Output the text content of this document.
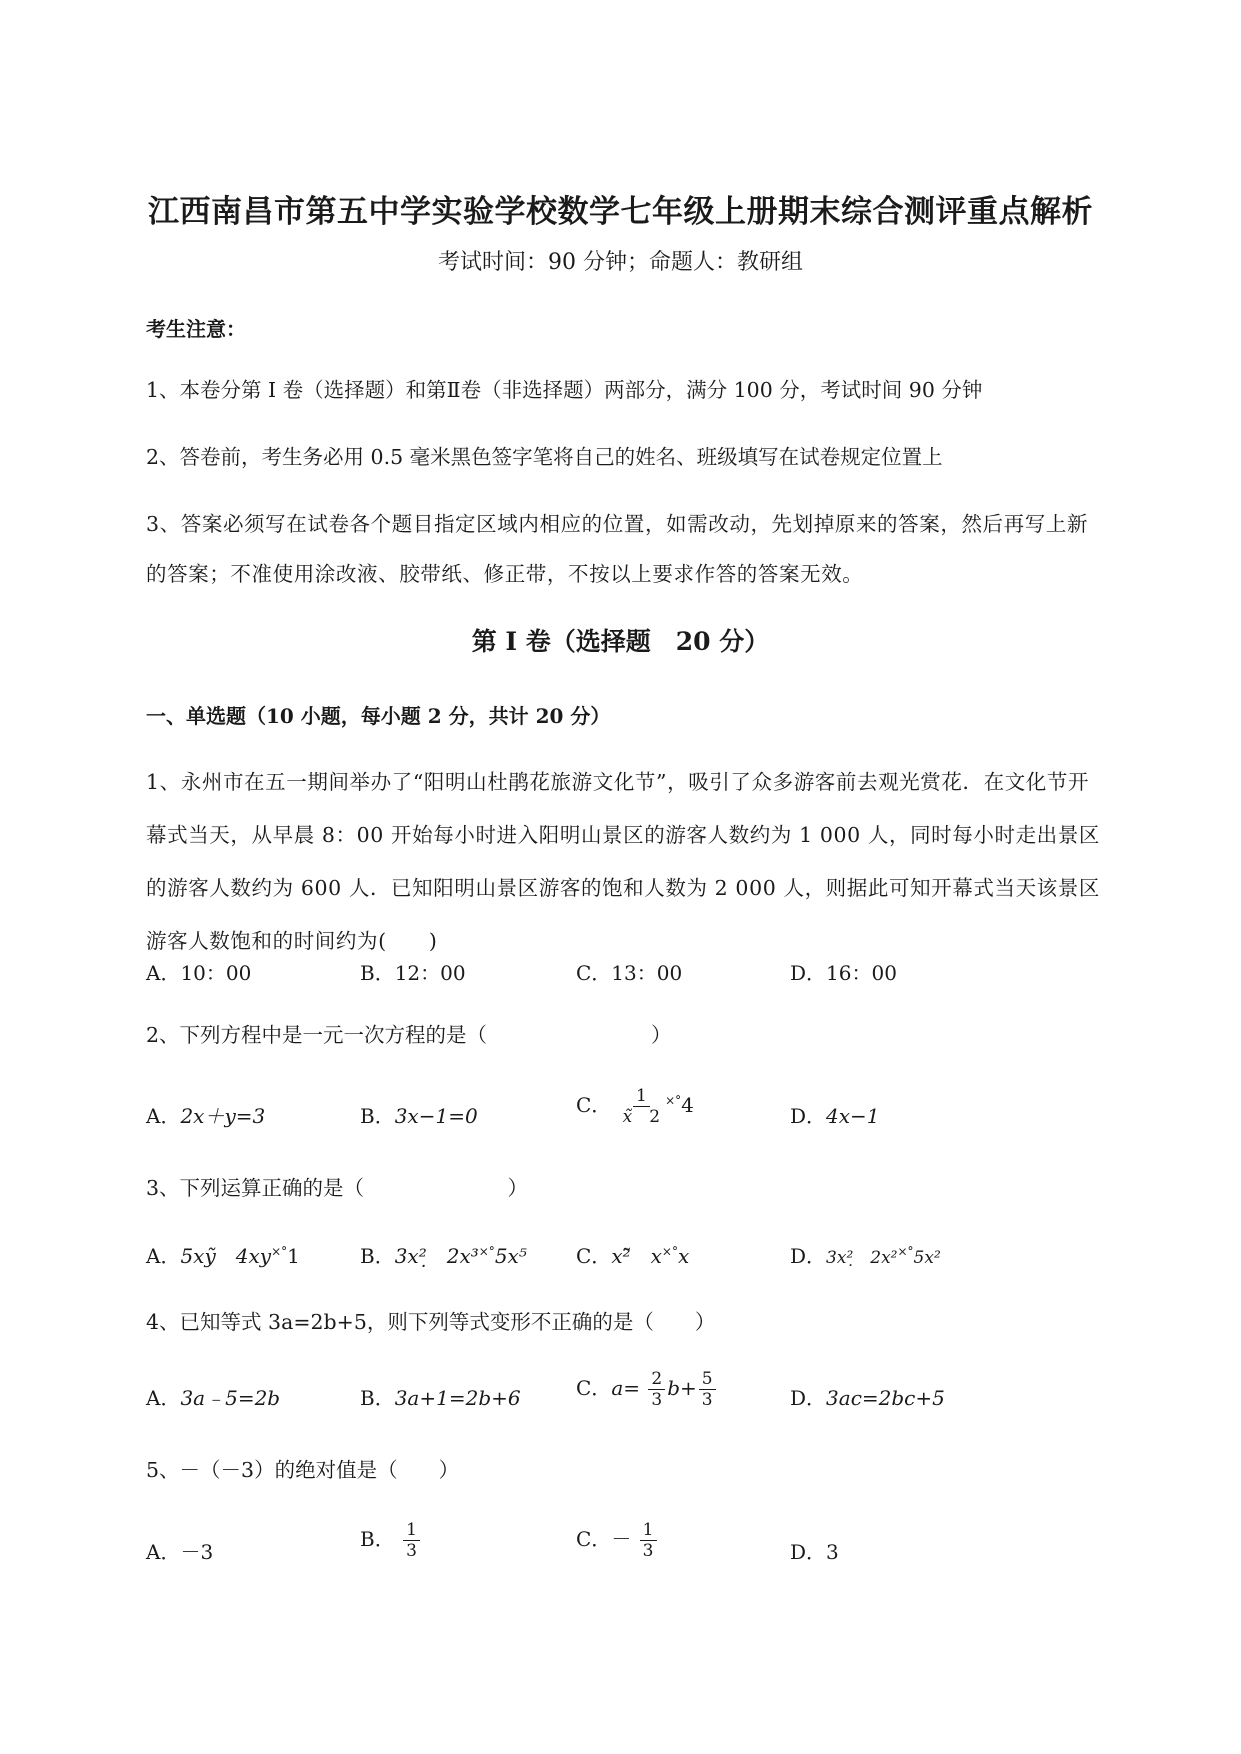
江西南昌市第五中学实验学校数学七年级上册期末综合测评重点解析
考试时间：90 分钟；命题人：教研组
考生注意：
1、本卷分第 I 卷（选择题）和第Ⅱ卷（非选择题）两部分，满分 100 分，考试时间 90 分钟
2、答卷前，考生务必用 0.5 毫米黑色签字笔将自己的姓名、班级填写在试卷规定位置上
3、答案必须写在试卷各个题目指定区域内相应的位置，如需改动，先划掉原来的答案，然后再写上新的答案；不准使用涂改液、胶带纸、修正带，不按以上要求作答的答案无效。
第 I 卷（选择题　20 分）
一、单选题（10 小题，每小题 2 分，共计 20 分）
1、永州市在五一期间举办了“阳明山杜鹃花旅游文化节”，吸引了众多游客前去观光赏花．在文化节开幕式当天，从早晨 8：00 开始每小时进入阳明山景区的游客人数约为 1 000 人，同时每小时走出景区的游客人数约为 600 人．已知阳明山景区游客的饱和人数为 2 000 人，则据此可知开幕式当天该景区游客人数饱和的时间约为(　　)
A．10：00	B．12：00	C．13：00	D．16：00
2、下列方程中是一元一次方程的是（　　　　　　　　）
A．2x＋y=3	B．3x−1=0	C． $\frac{1}{x̃ 2} ^{\times^\circ}4$	D．4x−1
3、下列运算正确的是（　　　　　　　）
A．5xỹ　4xy×°1	B．3x²̣　2x³×°5x⁵ C．x²̃　x×°x	D．3x²̣　2x²×°5x²
4、已知等式 3a=2b+5，则下列等式变形不正确的是（　　）
A．3a﹣5=2b	B．3a+1=2b+6	C．$a= \frac{2}{3} b+ \frac{5}{3}$	D．3ac=2bc+5
5、－（－3）的绝对值是（　　）
A．－3
B． $\frac{1}{3}$	C．－ $\frac{1}{3}$	D．3
